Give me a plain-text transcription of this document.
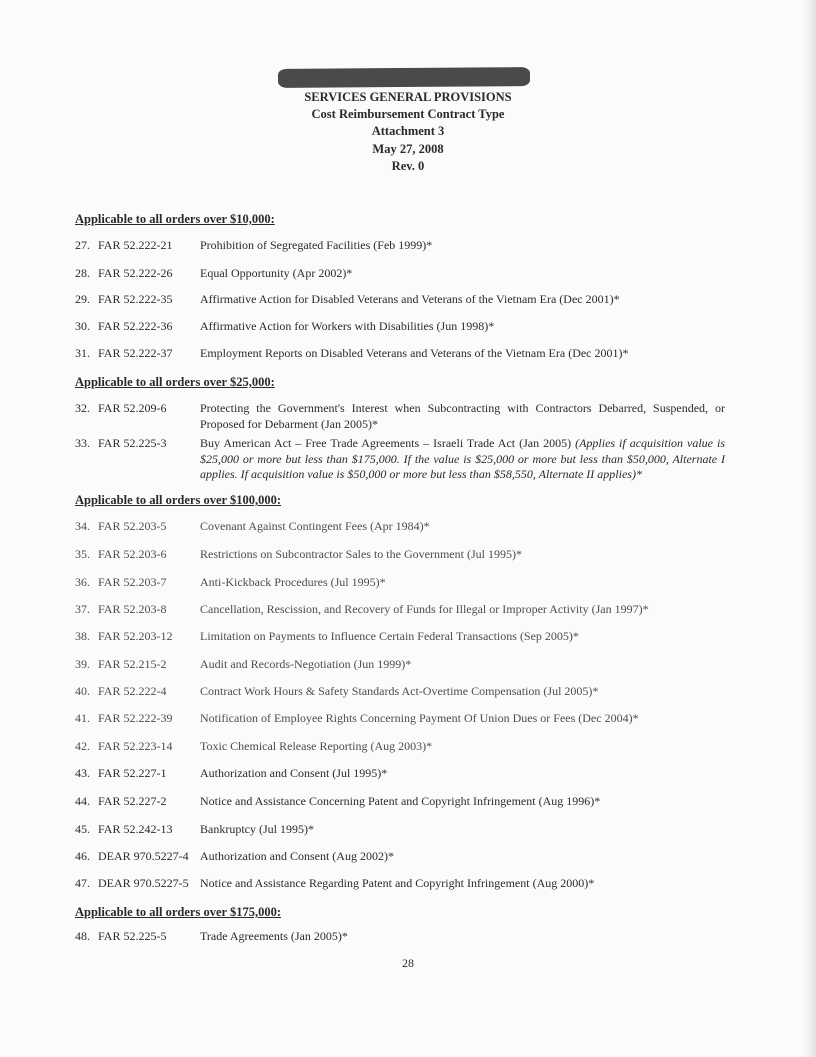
SERVICES GENERAL PROVISIONS
Cost Reimbursement Contract Type
Attachment 3
May 27, 2008
Rev. 0
Applicable to all orders over $10,000:
27. FAR 52.222-21 Prohibition of Segregated Facilities (Feb 1999)*
28. FAR 52.222-26 Equal Opportunity (Apr 2002)*
29. FAR 52.222-35 Affirmative Action for Disabled Veterans and Veterans of the Vietnam Era (Dec 2001)*
30. FAR 52.222-36 Affirmative Action for Workers with Disabilities (Jun 1998)*
31. FAR 52.222-37 Employment Reports on Disabled Veterans and Veterans of the Vietnam Era (Dec 2001)*
Applicable to all orders over $25,000:
32. FAR 52.209-6	Protecting the Government's Interest when Subcontracting with Contractors Debarred, Suspended, or Proposed for Debarment (Jan 2005)*
33. FAR 52.225-3	Buy American Act – Free Trade Agreements – Israeli Trade Act (Jan 2005) (Applies if acquisition value is $25,000 or more but less than $175,000. If the value is $25,000 or more but less than $50,000, Alternate I applies. If acquisition value is $50,000 or more but less than $58,550, Alternate II applies)*
Applicable to all orders over $100,000:
34. FAR 52.203-5	Covenant Against Contingent Fees (Apr 1984)*
35. FAR 52.203-6	Restrictions on Subcontractor Sales to the Government (Jul 1995)*
36. FAR 52.203-7	Anti-Kickback Procedures (Jul 1995)*
37. FAR 52.203-8	Cancellation, Rescission, and Recovery of Funds for Illegal or Improper Activity (Jan 1997)*
38. FAR 52.203-12 Limitation on Payments to Influence Certain Federal Transactions (Sep 2005)*
39. FAR 52.215-2	Audit and Records-Negotiation (Jun 1999)*
40. FAR 52.222-4	Contract Work Hours & Safety Standards Act-Overtime Compensation (Jul 2005)*
41. FAR 52.222-39 Notification of Employee Rights Concerning Payment Of Union Dues or Fees (Dec 2004)*
42. FAR 52.223-14 Toxic Chemical Release Reporting (Aug 2003)*
43. FAR 52.227-1	Authorization and Consent (Jul 1995)*
44. FAR 52.227-2	Notice and Assistance Concerning Patent and Copyright Infringement (Aug 1996)*
45. FAR 52.242-13 Bankruptcy (Jul 1995)*
46. DEAR 970.5227-4 Authorization and Consent (Aug 2002)*
47. DEAR 970.5227-5 Notice and Assistance Regarding Patent and Copyright Infringement (Aug 2000)*
Applicable to all orders over $175,000:
48. FAR 52.225-5	Trade Agreements (Jan 2005)*
28
